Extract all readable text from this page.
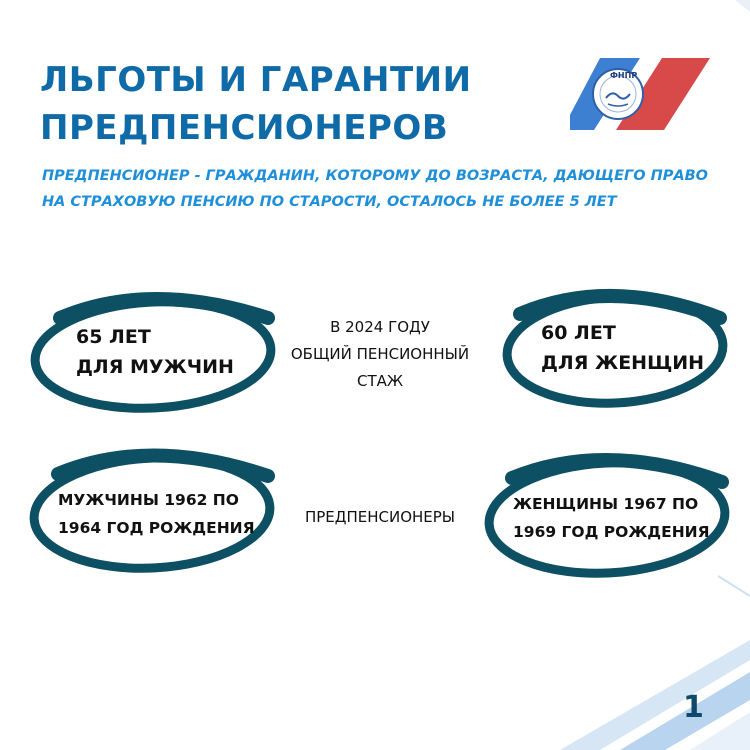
ЛЬГОТЫ И ГАРАНТИИ
ПРЕДПЕНСИОНЕРОВ
ФНПР

ПРЕДПЕНСИОНЕР - ГРАЖДАНИН, КОТОРОМУ ДО ВОЗРАСТА, ДАЮЩЕГО ПРАВО
НА СТРАХОВУЮ ПЕНСИЮ ПО СТАРОСТИ, ОСТАЛОСЬ НЕ БОЛЕЕ 5 ЛЕТ

65 ЛЕТ
ДЛЯ МУЖЧИН
60 ЛЕТ
ДЛЯ ЖЕНЩИН
В 2024 ГОДУ
ОБЩИЙ ПЕНСИОННЫЙ
СТАЖ
МУЖЧИНЫ 1962 ПО
1964 ГОД РОЖДЕНИЯ
ЖЕНЩИНЫ 1967 ПО
1969 ГОД РОЖДЕНИЯ
ПРЕДПЕНСИОНЕРЫ
1
